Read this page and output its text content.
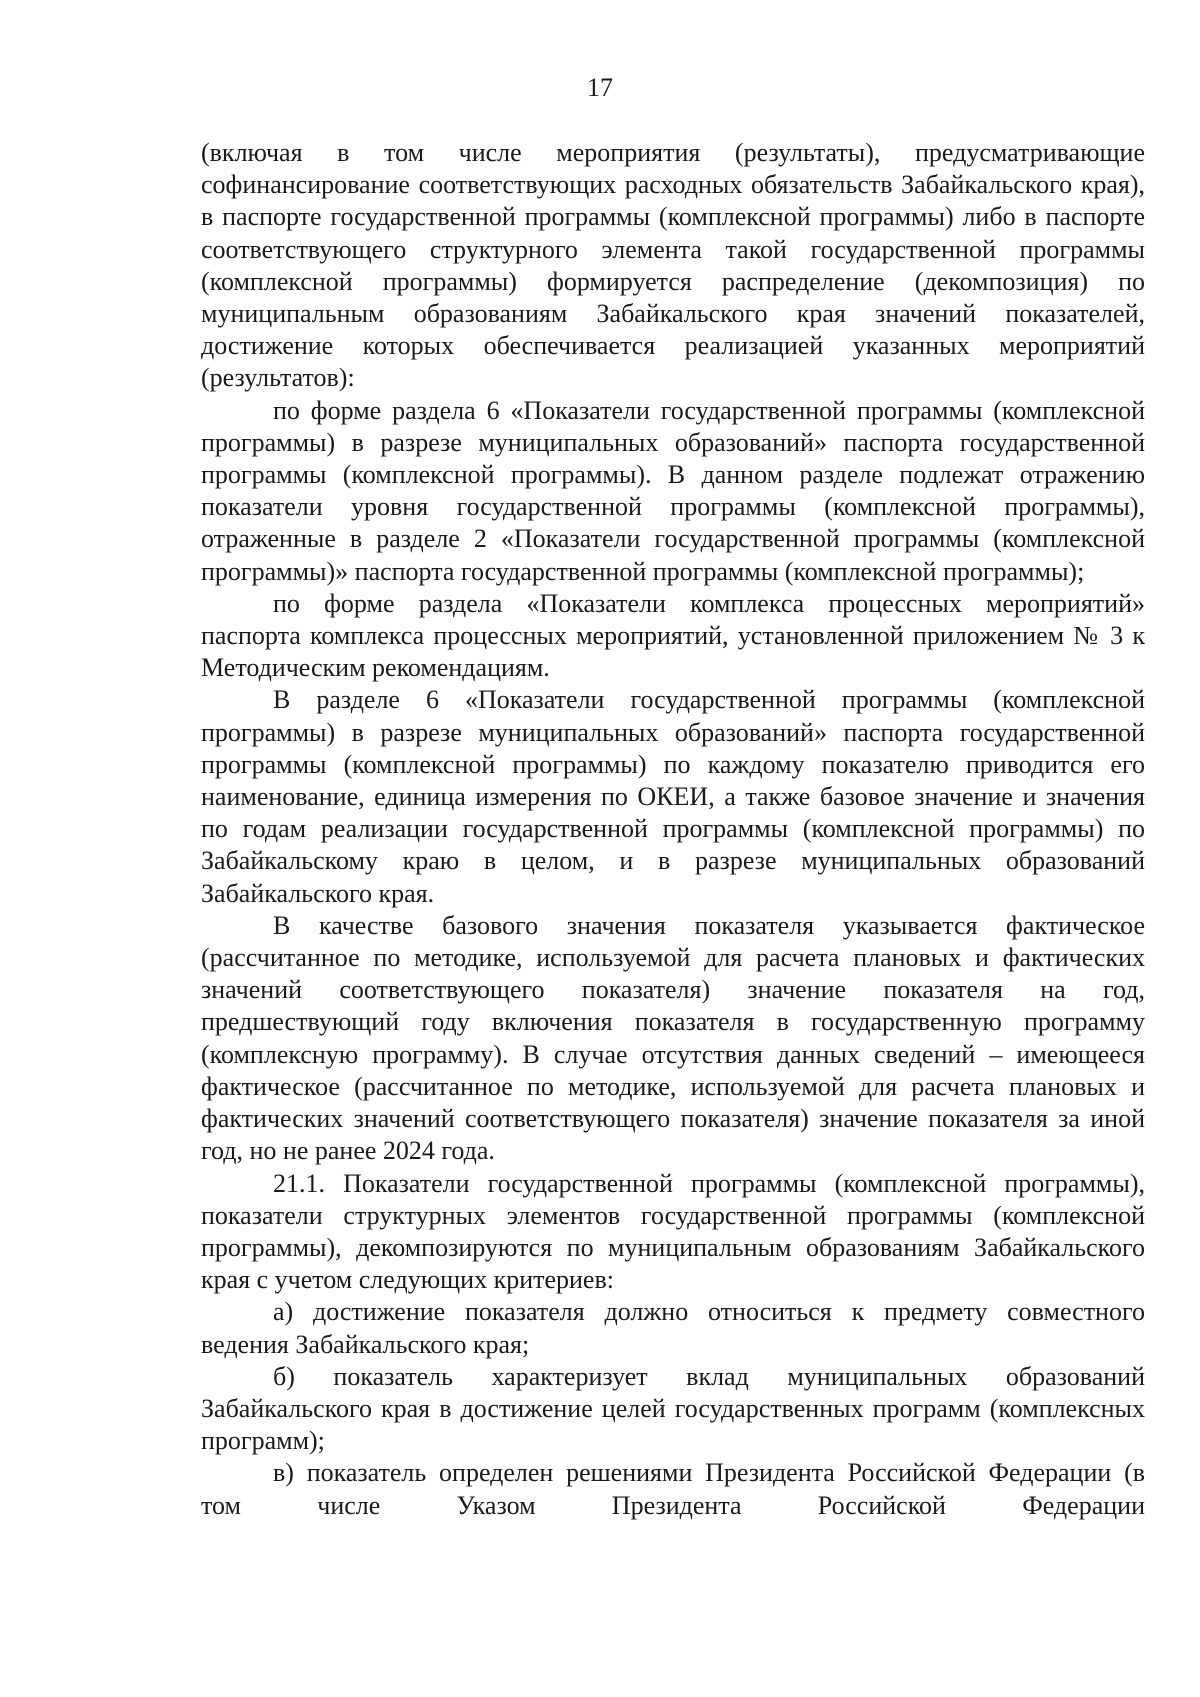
17

(включая в том числе мероприятия (результаты), предусматривающие софинансирование соответствующих расходных обязательств Забайкальского края), в паспорте государственной программы (комплексной программы) либо в паспорте соответствующего структурного элемента такой государственной программы (комплексной программы) формируется распределение (декомпозиция) по муниципальным образованиям Забайкальского края значений показателей, достижение которых обеспечивается реализацией указанных мероприятий (результатов):

по форме раздела 6 «Показатели государственной программы (комплексной программы) в разрезе муниципальных образований» паспорта государственной программы (комплексной программы). В данном разделе подлежат отражению показатели уровня государственной программы (комплексной программы), отраженные в разделе 2 «Показатели государственной программы (комплексной программы)» паспорта государственной программы (комплексной программы);

по форме раздела «Показатели комплекса процессных мероприятий» паспорта комплекса процессных мероприятий, установленной приложением № 3 к Методическим рекомендациям.

В разделе 6 «Показатели государственной программы (комплексной программы) в разрезе муниципальных образований» паспорта государственной программы (комплексной программы) по каждому показателю приводится его наименование, единица измерения по ОКЕИ, а также базовое значение и значения по годам реализации государственной программы (комплексной программы) по Забайкальскому краю в целом, и в разрезе муниципальных образований Забайкальского края.

В качестве базового значения показателя указывается фактическое (рассчитанное по методике, используемой для расчета плановых и фактических значений соответствующего показателя) значение показателя на год, предшествующий году включения показателя в государственную программу (комплексную программу). В случае отсутствия данных сведений – имеющееся фактическое (рассчитанное по методике, используемой для расчета плановых и фактических значений соответствующего показателя) значение показателя за иной год, но не ранее 2024 года.

21.1. Показатели государственной программы (комплексной программы), показатели структурных элементов государственной программы (комплексной программы), декомпозируются по муниципальным образованиям Забайкальского края с учетом следующих критериев:

а) достижение показателя должно относиться к предмету совместного ведения Забайкальского края;

б) показатель характеризует вклад муниципальных образований Забайкальского края в достижение целей государственных программ (комплексных программ);

в) показатель определен решениями Президента Российской Федерации (в том числе Указом Президента Российской Федерации
